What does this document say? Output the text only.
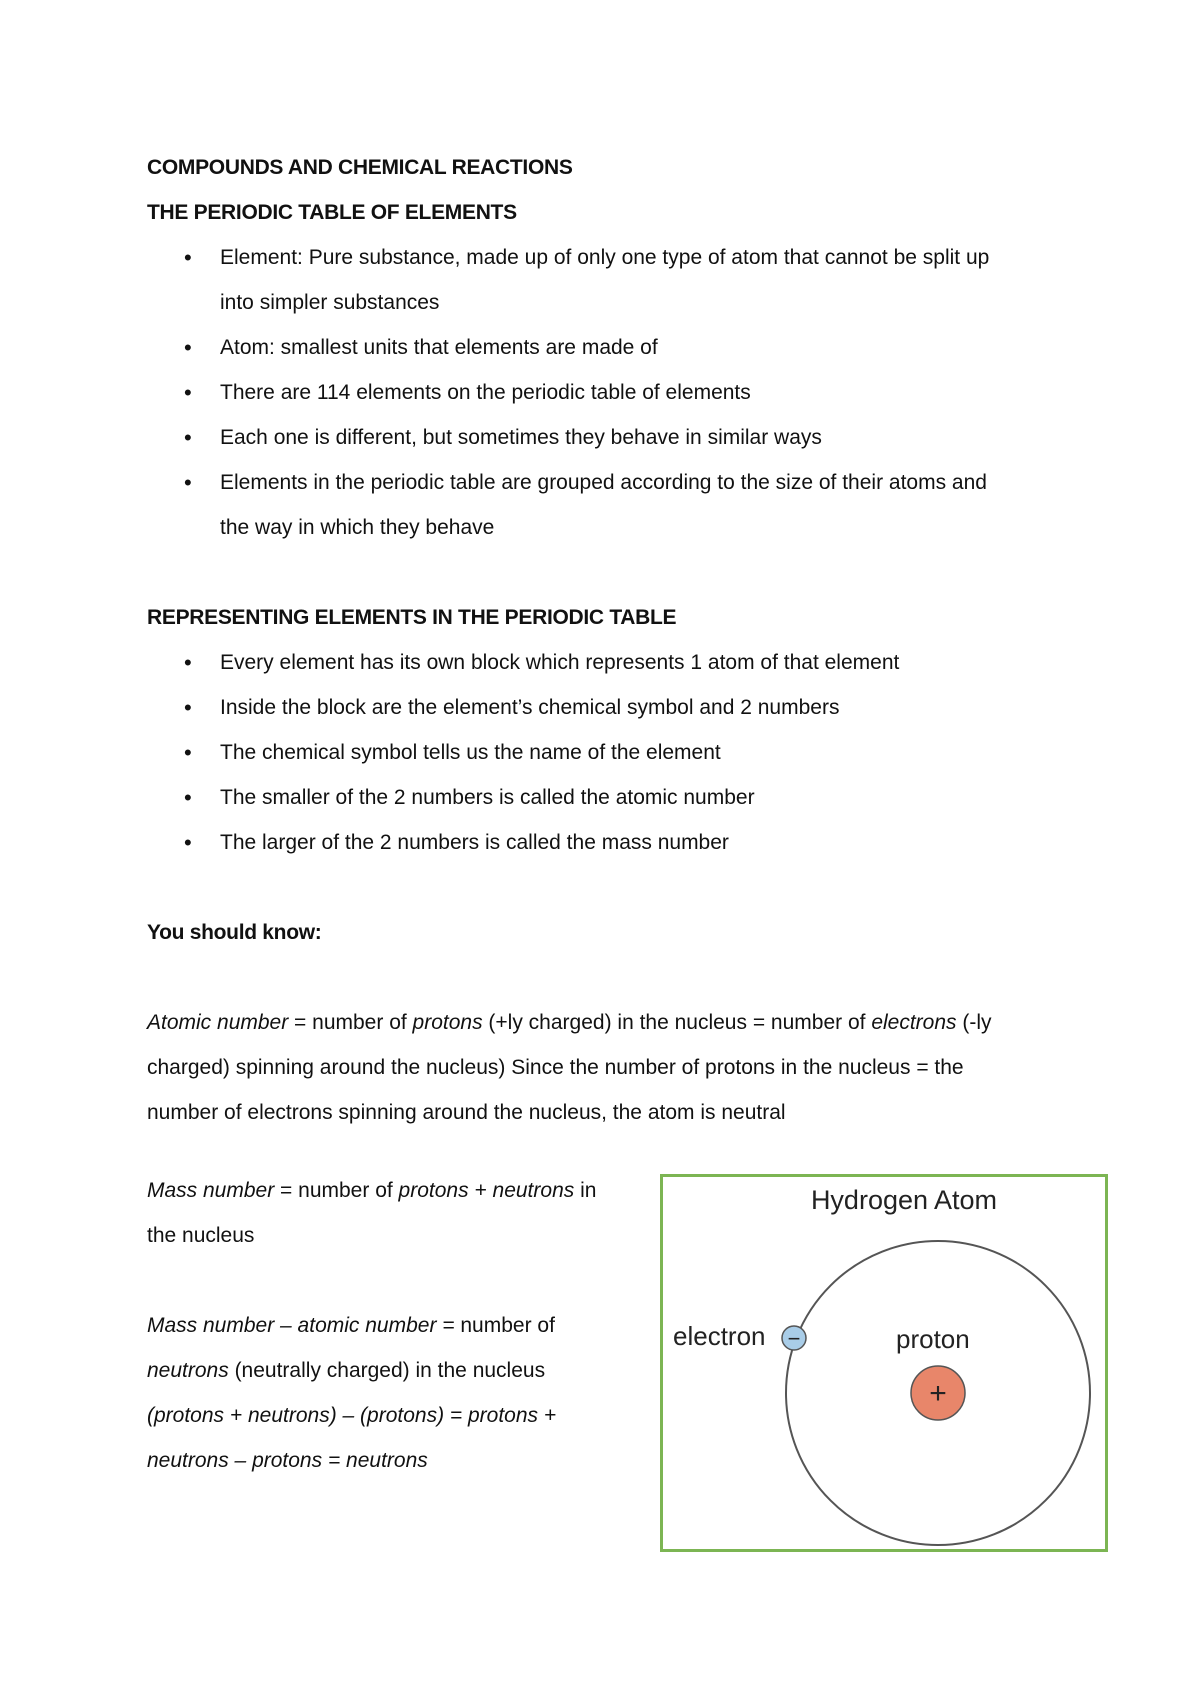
COMPOUNDS AND CHEMICAL REACTIONS
THE PERIODIC TABLE OF ELEMENTS
• Element: Pure substance, made up of only one type of atom that cannot be split up
into simpler substances
• Atom: smallest units that elements are made of
• There are 114 elements on the periodic table of elements
• Each one is different, but sometimes they behave in similar ways
• Elements in the periodic table are grouped according to the size of their atoms and
the way in which they behave
REPRESENTING ELEMENTS IN THE PERIODIC TABLE
• Every element has its own block which represents 1 atom of that element
• Inside the block are the element’s chemical symbol and 2 numbers
• The chemical symbol tells us the name of the element
• The smaller of the 2 numbers is called the atomic number
• The larger of the 2 numbers is called the mass number
You should know:
Atomic number = number of protons (+ly charged) in the nucleus = number of electrons (-ly
charged) spinning around the nucleus) Since the number of protons in the nucleus = the
number of electrons spinning around the nucleus, the atom is neutral
Mass number = number of protons + neutrons in
the nucleus
Mass number – atomic number = number of
neutrons (neutrally charged) in the nucleus
(protons + neutrons) – (protons) = protons +
neutrons – protons = neutrons
+
−
Hydrogen Atom
electron	proton
